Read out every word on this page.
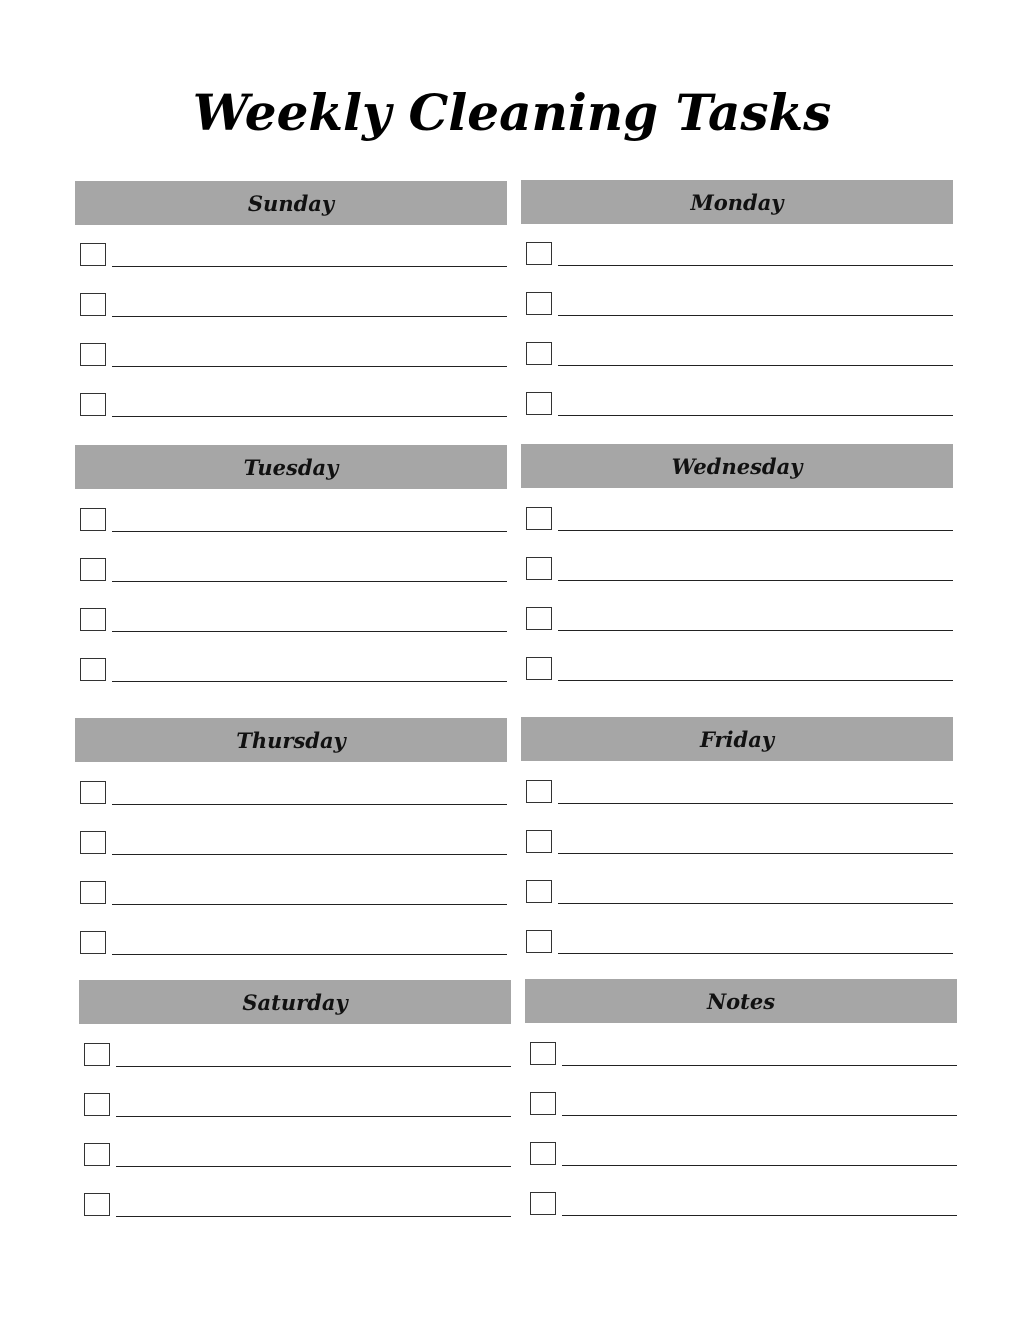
Weekly Cleaning Tasks
Sunday	Monday
Tuesday	Wednesday
Thursday	Friday
Saturday	Notes
